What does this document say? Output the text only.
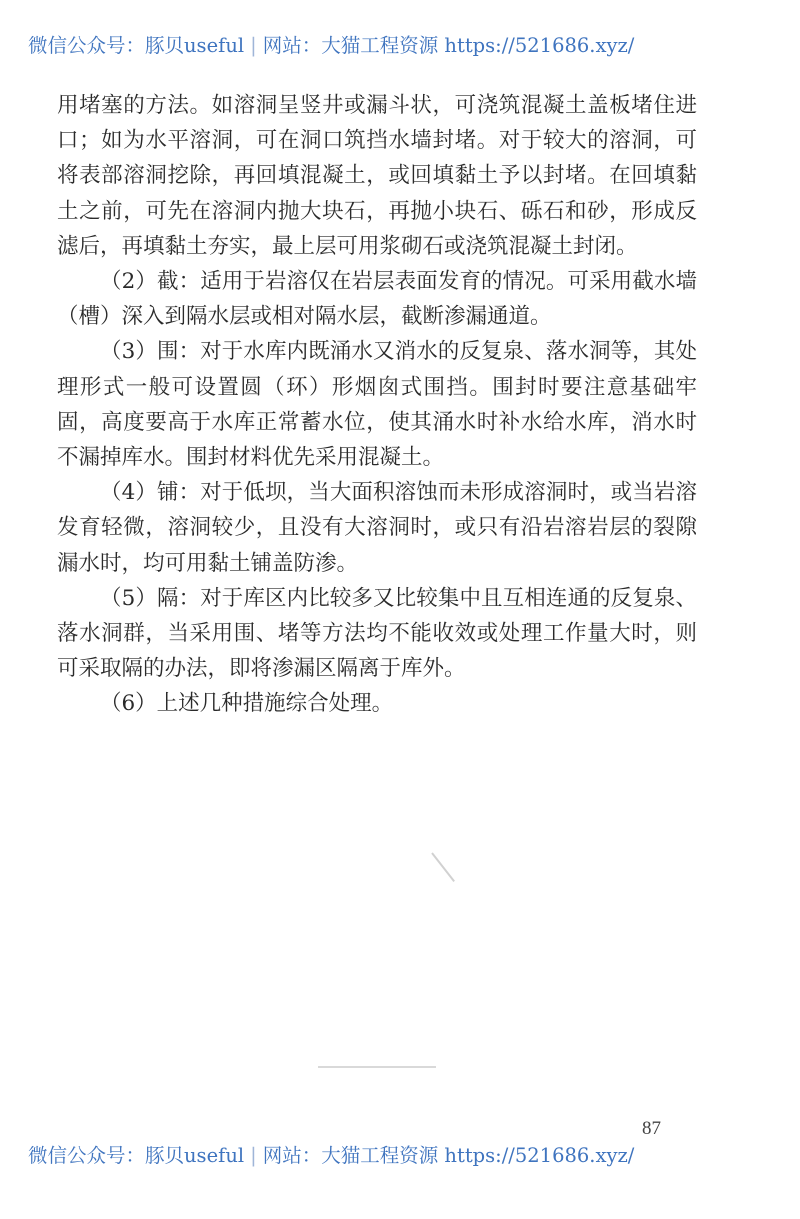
微信公众号：豚贝useful | 网站：大猫工程资源 https://521686.xyz/

用堵塞的方法。如溶洞呈竖井或漏斗状，可浇筑混凝土盖板堵住进口；如为水平溶洞，可在洞口筑挡水墙封堵。对于较大的溶洞，可将表部溶洞挖除，再回填混凝土，或回填黏土予以封堵。在回填黏土之前，可先在溶洞内抛大块石，再抛小块石、砾石和砂，形成反滤后，再填黏土夯实，最上层可用浆砌石或浇筑混凝土封闭。

（2）截：适用于岩溶仅在岩层表面发育的情况。可采用截水墙（槽）深入到隔水层或相对隔水层，截断渗漏通道。

（3）围：对于水库内既涌水又消水的反复泉、落水洞等，其处理形式一般可设置圆（环）形烟囱式围挡。围封时要注意基础牢固，高度要高于水库正常蓄水位，使其涌水时补水给水库，消水时不漏掉库水。围封材料优先采用混凝土。

（4）铺：对于低坝，当大面积溶蚀而未形成溶洞时，或当岩溶发育轻微，溶洞较少，且没有大溶洞时，或只有沿岩溶岩层的裂隙漏水时，均可用黏土铺盖防渗。

（5）隔：对于库区内比较多又比较集中且互相连通的反复泉、落水洞群，当采用围、堵等方法均不能收效或处理工作量大时，则可采取隔的办法，即将渗漏区隔离于库外。

（6）上述几种措施综合处理。

87
微信公众号：豚贝useful | 网站：大猫工程资源 https://521686.xyz/
